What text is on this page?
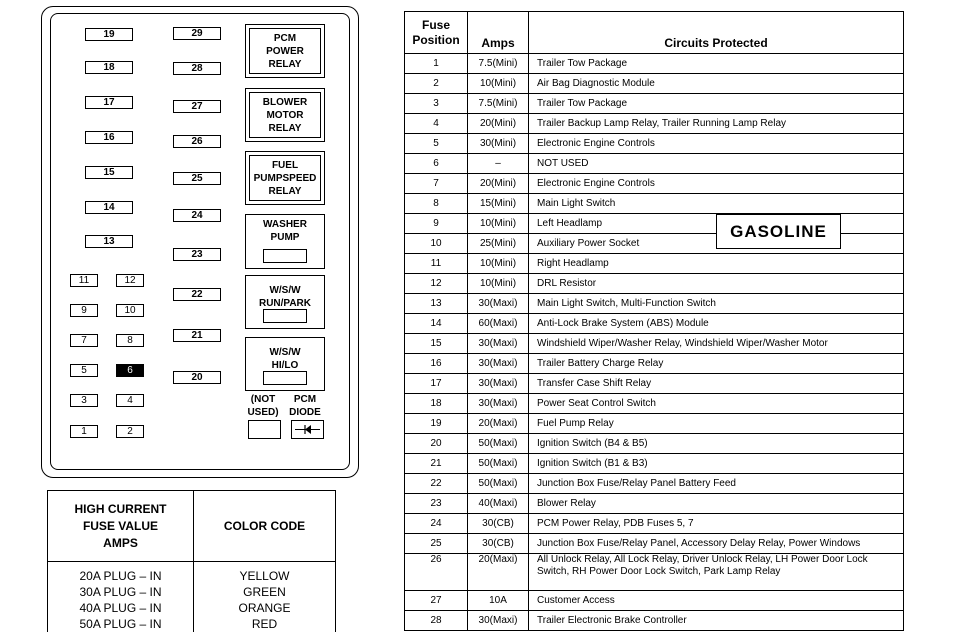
19
18
17
16
15
14
13
29
28
27
26
25
24
23
22
21
20
11	12
9	10
7	8
5	6
3	4
1	2
PCM
POWER
RELAY
BLOWER
MOTOR
RELAY
FUEL
PUMPSPEED
RELAY
WASHER
PUMP
W/S/W
RUN/PARK
W/S/W
HI/LO
(NOT
USED)
PCM
DIODE
HIGH CURRENT
FUSE VALUE
AMPS	COLOR CODE
20A PLUG – IN	YELLOW
30A PLUG – IN	GREEN
40A PLUG – IN	ORANGE
50A PLUG – IN	RED
Fuse
Position	Amps	Circuits Protected
1	7.5(Mini)	Trailer Tow Package
2	10(Mini)	Air Bag Diagnostic Module
3	7.5(Mini)	Trailer Tow Package
4	20(Mini)	Trailer Backup Lamp Relay, Trailer Running Lamp Relay
5	30(Mini)	Electronic Engine Controls
6	–	NOT USED
7	20(Mini)	Electronic Engine Controls
8	15(Mini)	Main Light Switch
9	10(Mini)	Left Headlamp
10	25(Mini)	Auxiliary Power Socket
11	10(Mini)	Right Headlamp
12	10(Mini)	DRL Resistor
13	30(Maxi)	Main Light Switch, Multi-Function Switch
14	60(Maxi)	Anti-Lock Brake System (ABS) Module
15	30(Maxi)	Windshield Wiper/Washer Relay, Windshield Wiper/Washer Motor
16	30(Maxi)	Trailer Battery Charge Relay
17	30(Maxi)	Transfer Case Shift Relay
18	30(Maxi)	Power Seat Control Switch
19	20(Maxi)	Fuel Pump Relay
20	50(Maxi)	Ignition Switch (B4 & B5)
21	50(Maxi)	Ignition Switch (B1 & B3)
22	50(Maxi)	Junction Box Fuse/Relay Panel Battery Feed
23	40(Maxi)	Blower Relay
24	30(CB)	PCM Power Relay, PDB Fuses 5, 7
25	30(CB)	Junction Box Fuse/Relay Panel, Accessory Delay Relay, Power Windows
26	20(Maxi)	All Unlock Relay, All Lock Relay, Driver Unlock Relay, LH Power Door Lock Switch, RH Power Door Lock Switch, Park Lamp Relay
27	10A	Customer Access
28	30(Maxi)	Trailer Electronic Brake Controller
GASOLINE
